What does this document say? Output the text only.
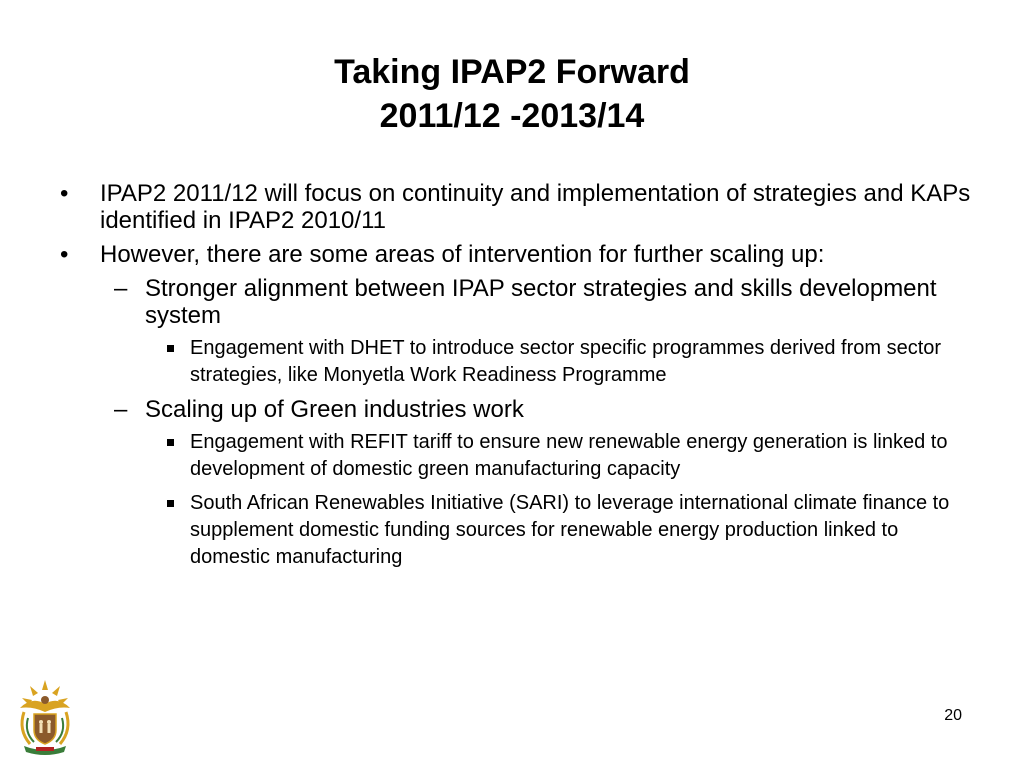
Taking IPAP2 Forward
2011/12 -2013/14
• IPAP2 2011/12 will focus on continuity and implementation of strategies and KAPs identified in IPAP2 2010/11
• However, there are some areas of intervention for further scaling up:
– Stronger alignment between IPAP sector strategies and skills development system
Engagement with DHET to introduce sector specific programmes derived from sector strategies, like Monyetla Work Readiness Programme
– Scaling up of Green industries work
Engagement with REFIT tariff to ensure new renewable energy generation is linked to development of domestic green manufacturing capacity
South African Renewables Initiative (SARI) to leverage international climate finance to supplement domestic funding sources for renewable energy production linked to domestic manufacturing
20
